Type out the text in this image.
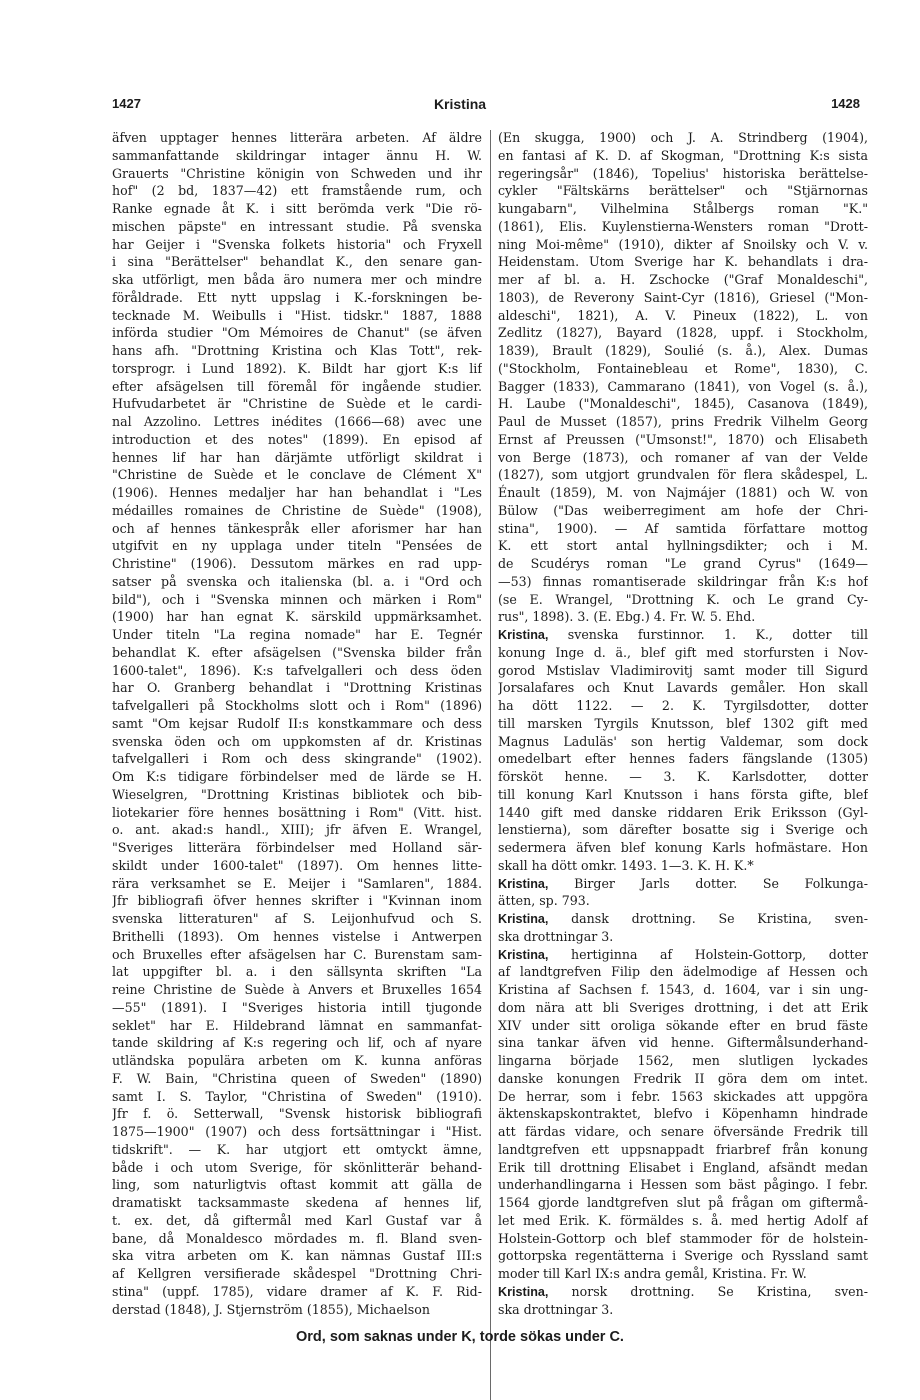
1427	Kristina	1428
äfven upptager hennes litterära arbeten. Af äldre
sammanfattande skildringar intager ännu H. W.
Grauerts "Christine königin von Schweden und ihr
hof" (2 bd, 1837—42) ett framstående rum, och
Ranke egnade åt K. i sitt berömda verk "Die rö-
mischen päpste" en intressant studie. På svenska
har Geijer i "Svenska folkets historia" och Fryxell
i sina "Berättelser" behandlat K., den senare gan-
ska utförligt, men båda äro numera mer och mindre
föråldrade. Ett nytt uppslag i K.-forskningen be-
tecknade M. Weibulls i "Hist. tidskr." 1887, 1888
införda studier "Om Mémoires de Chanut" (se äfven
hans afh. "Drottning Kristina och Klas Tott", rek-
torsprogr. i Lund 1892). K. Bildt har gjort K:s lif
efter afsägelsen till föremål för ingående studier.
Hufvudarbetet är "Christine de Suède et le cardi-
nal Azzolino. Lettres inédites (1666—68) avec une
introduction et des notes" (1899). En episod af
hennes lif har han därjämte utförligt skildrat i
"Christine de Suède et le conclave de Clément X"
(1906). Hennes medaljer har han behandlat i "Les
médailles romaines de Christine de Suède" (1908),
och af hennes tänkespråk eller aforismer har han
utgifvit en ny upplaga under titeln "Pensées de
Christine" (1906). Dessutom märkes en rad upp-
satser på svenska och italienska (bl. a. i "Ord och
bild"), och i "Svenska minnen och märken i Rom"
(1900) har han egnat K. särskild uppmärksamhet.
Under titeln "La regina nomade" har E. Tegnér
behandlat K. efter afsägelsen ("Svenska bilder från
1600-talet", 1896). K:s tafvelgalleri och dess öden
har O. Granberg behandlat i "Drottning Kristinas
tafvelgalleri på Stockholms slott och i Rom" (1896)
samt "Om kejsar Rudolf II:s konstkammare och dess
svenska öden och om uppkomsten af dr. Kristinas
tafvelgalleri i Rom och dess skingrande" (1902).
Om K:s tidigare förbindelser med de lärde se H.
Wieselgren, "Drottning Kristinas bibliotek och bib-
liotekarier före hennes bosättning i Rom" (Vitt. hist.
o. ant. akad:s handl., XIII); jfr äfven E. Wrangel,
"Sveriges litterära förbindelser med Holland sär-
skildt under 1600-talet" (1897). Om hennes litte-
rära verksamhet se E. Meijer i "Samlaren", 1884.
Jfr bibliografi öfver hennes skrifter i "Kvinnan inom
svenska litteraturen" af S. Leijonhufvud och S.
Brithelli (1893). Om hennes vistelse i Antwerpen
och Bruxelles efter afsägelsen har C. Burenstam sam-
lat uppgifter bl. a. i den sällsynta skriften "La
reine Christine de Suède à Anvers et Bruxelles 1654
—55" (1891). I "Sveriges historia intill tjugonde
seklet" har E. Hildebrand lämnat en sammanfat-
tande skildring af K:s regering och lif, och af nyare
utländska populära arbeten om K. kunna anföras
F. W. Bain, "Christina queen of Sweden" (1890)
samt I. S. Taylor, "Christina of Sweden" (1910).
Jfr f. ö. Setterwall, "Svensk historisk bibliografi
1875—1900" (1907) och dess fortsättningar i "Hist.
tidskrift". — K. har utgjort ett omtyckt ämne,
både i och utom Sverige, för skönlitterär behand-
ling, som naturligtvis oftast kommit att gälla de
dramatiskt tacksammaste skedena af hennes lif,
t. ex. det, då giftermål med Karl Gustaf var å
bane, då Monaldesco mördades m. fl. Bland sven-
ska vitra arbeten om K. kan nämnas Gustaf III:s
af Kellgren versifierade skådespel "Drottning Chri-
stina" (uppf. 1785), vidare dramer af K. F. Rid-
derstad (1848), J. Stjernström (1855), Michaelson
(En skugga, 1900) och J. A. Strindberg (1904),
en fantasi af K. D. af Skogman, "Drottning K:s sista
regeringsår" (1846), Topelius' historiska berättelse-
cykler "Fältskärns berättelser" och "Stjärnornas
kungabarn", Vilhelmina Stålbergs roman "K."
(1861), Elis. Kuylenstierna-Wensters roman "Drott-
ning Moi-même" (1910), dikter af Snoilsky och V. v.
Heidenstam. Utom Sverige har K. behandlats i dra-
mer af bl. a. H. Zschocke ("Graf Monaldeschi",
1803), de Reverony Saint-Cyr (1816), Griesel ("Mon-
aldeschi", 1821), A. V. Pineux (1822), L. von
Zedlitz (1827), Bayard (1828, uppf. i Stockholm,
1839), Brault (1829), Soulié (s. å.), Alex. Dumas
("Stockholm, Fontainebleau et Rome", 1830), C.
Bagger (1833), Cammarano (1841), von Vogel (s. å.),
H. Laube ("Monaldeschi", 1845), Casanova (1849),
Paul de Musset (1857), prins Fredrik Vilhelm Georg
Ernst af Preussen ("Umsonst!", 1870) och Elisabeth
von Berge (1873), och romaner af van der Velde
(1827), som utgjort grundvalen för flera skådespel, L.
Énault (1859), M. von Najmájer (1881) och W. von
Bülow ("Das weiberregiment am hofe der Chri-
stina", 1900). — Af samtida författare mottog
K. ett stort antal hyllningsdikter; och i M.
de Scudérys roman "Le grand Cyrus" (1649—
—53) finnas romantiserade skildringar från K:s hof
(se E. Wrangel, "Drottning K. och Le grand Cy-
rus", 1898). 3. (E. Ebg.) 4. Fr. W. 5. Ehd.
Kristina, svenska furstinnor. 1. K., dotter till
konung Inge d. ä., blef gift med storfursten i Nov-
gorod Mstislav Vladimirovitj samt moder till Sigurd
Jorsalafares och Knut Lavards gemåler. Hon skall
ha dött 1122. — 2. K. Tyrgilsdotter, dotter
till marsken Tyrgils Knutsson, blef 1302 gift med
Magnus Laduläs' son hertig Valdemar, som dock
omedelbart efter hennes faders fängslande (1305)
försköt henne. — 3. K. Karlsdotter, dotter
till konung Karl Knutsson i hans första gifte, blef
1440 gift med danske riddaren Erik Eriksson (Gyl-
lenstierna), som därefter bosatte sig i Sverige och
sedermera äfven blef konung Karls hofmästare. Hon
skall ha dött omkr. 1493. 1—3. K. H. K.*
Kristina, Birger Jarls dotter. Se Folkunga-
ätten, sp. 793.
Kristina, dansk drottning. Se Kristina, sven-
ska drottningar 3.
Kristina, hertiginna af Holstein-Gottorp, dotter
af landtgrefven Filip den ädelmodige af Hessen och
Kristina af Sachsen f. 1543, d. 1604, var i sin ung-
dom nära att bli Sveriges drottning, i det att Erik
XIV under sitt oroliga sökande efter en brud fäste
sina tankar äfven vid henne. Giftermålsunderhand-
lingarna började 1562, men slutligen lyckades
danske konungen Fredrik II göra dem om intet.
De herrar, som i febr. 1563 skickades att uppgöra
äktenskapskontraktet, blefvo i Köpenhamn hindrade
att färdas vidare, och senare öfversände Fredrik till
landtgrefven ett uppsnappadt friarbref från konung
Erik till drottning Elisabet i England, afsändt medan
underhandlingarna i Hessen som bäst pågingo. I febr.
1564 gjorde landtgrefven slut på frågan om giftermå-
let med Erik. K. förmäldes s. å. med hertig Adolf af
Holstein-Gottorp och blef stammoder för de holstein-
gottorpska regentätterna i Sverige och Ryssland samt
moder till Karl IX:s andra gemål, Kristina. Fr. W.
Kristina, norsk drottning. Se Kristina, sven-
ska drottningar 3.
Ord, som saknas under K, torde sökas under C.
